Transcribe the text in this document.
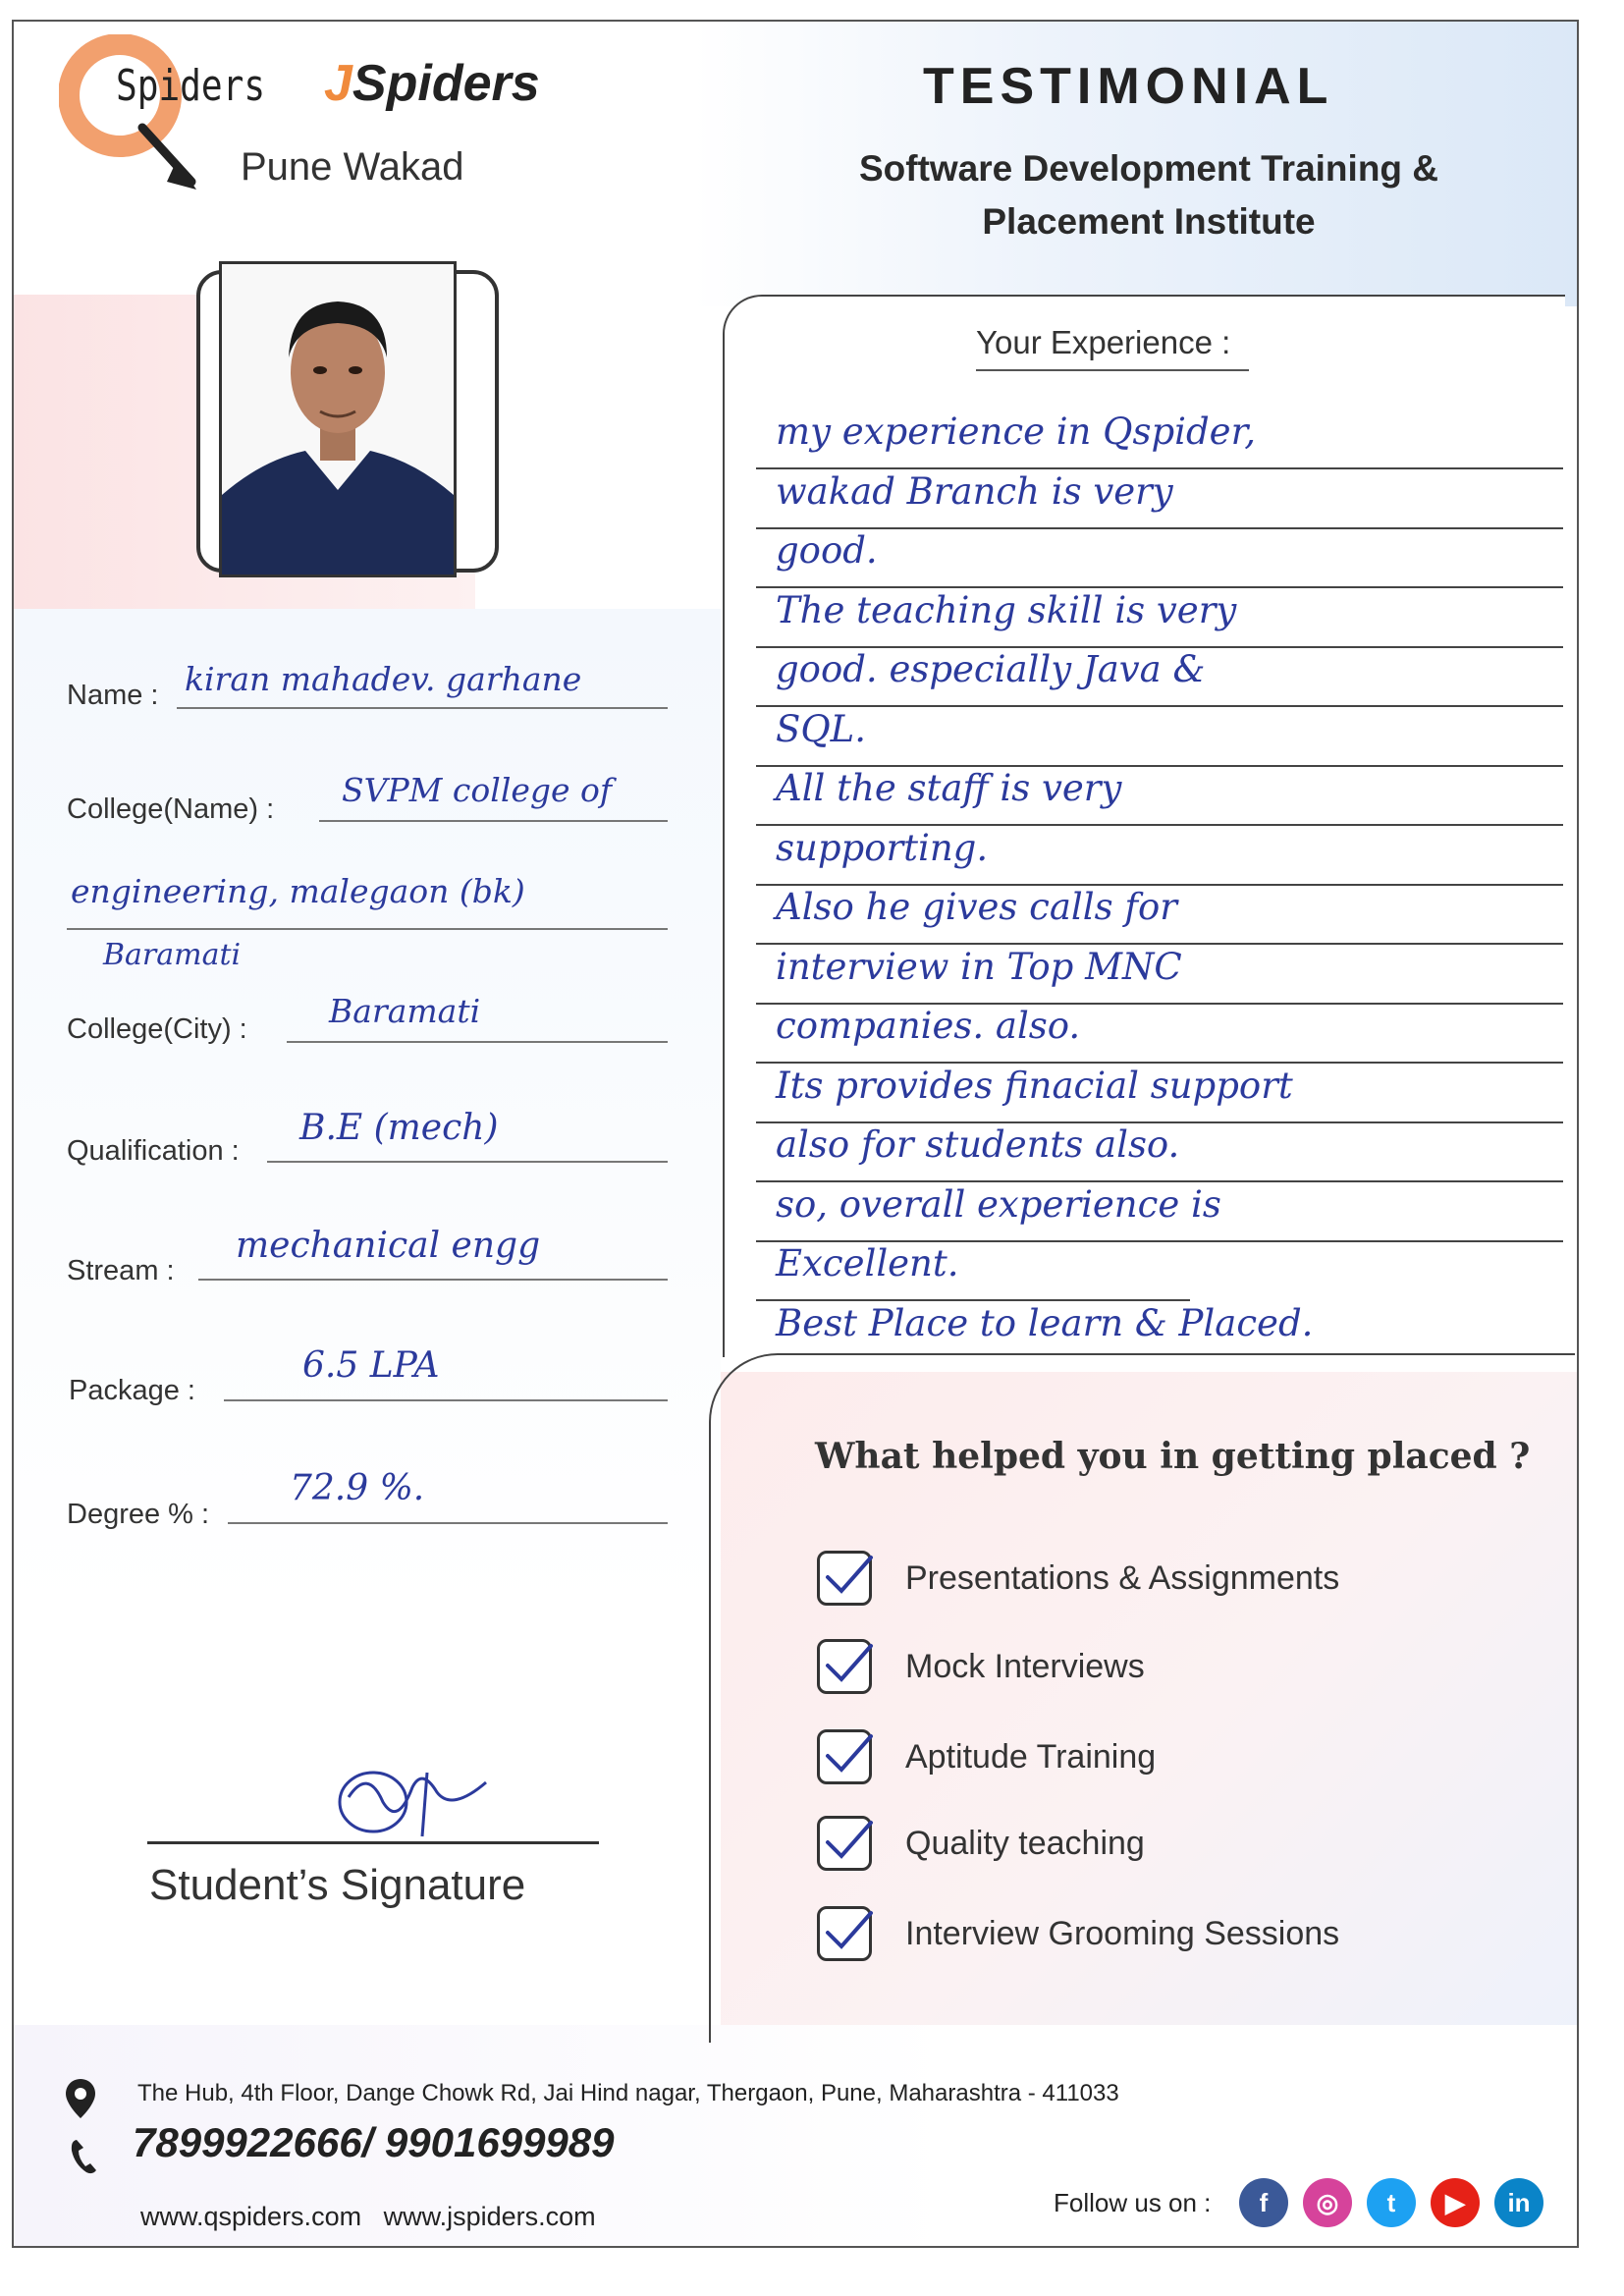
Spiders JSpiders
Pune Wakad
TESTIMONIAL
Software Development Training &
Placement Institute
Name : kiran mahadev. garhane
College(Name) : SVPM college of
engineering, malegaon (bk)
Baramati
College(City) :	Baramati
Qualification :
B.E (mech)
Stream :
mechanical engg
Package :
6.5 LPA
Degree % :
72.9 %.
Student’s Signature
Your Experience :
my experience in Qspider,
wakad Branch is very
good.
The teaching skill is very
good. especially Java &
SQL.
All the staff is very
supporting.
Also he gives calls for
interview in Top MNC
companies. also.
Its provides finacial support
also for students also.
so, overall experience is
Excellent.
Best Place to learn & Placed.
What helped you in getting placed ?
Presentations & Assignments
Mock Interviews
Aptitude Training
Quality teaching
Interview Grooming Sessions
The Hub, 4th Floor, Dange Chowk Rd, Jai Hind nagar, Thergaon, Pune, Maharashtra - 411033
7899922666/ 9901699989
www.qspiders.com   www.jspiders.com	Follow us on :	f	◎	t	▶	in
